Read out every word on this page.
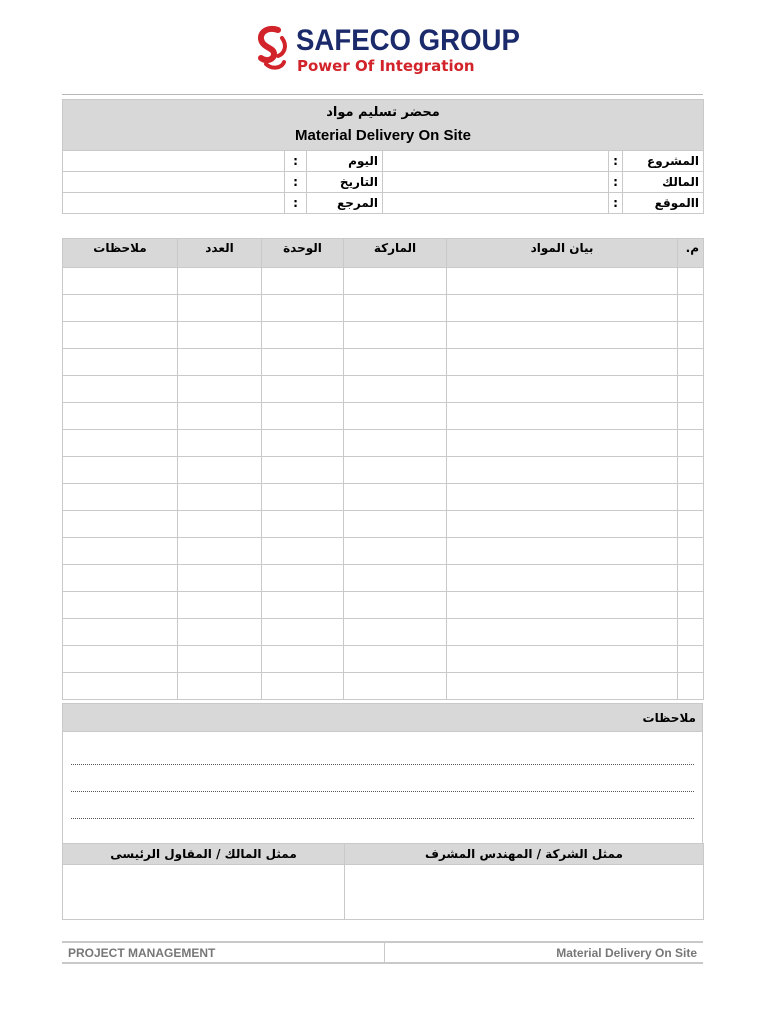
SAFECO GROUP
Power Of Integration
محضر تسليم مواد
Material Delivery On Site					

	:	اليوم		:	المشروع
	:	التاريخ		:	المالك
	:	المرجع		:	االموقع
ملاحظات	العدد	الوحدة	الماركة	بيان المواد	م.

ملاحظات

ممثل المالك / المقاول الرئيسى	ممثل الشركة / المهندس المشرف

PROJECT MANAGEMENT	Material Delivery On Site
